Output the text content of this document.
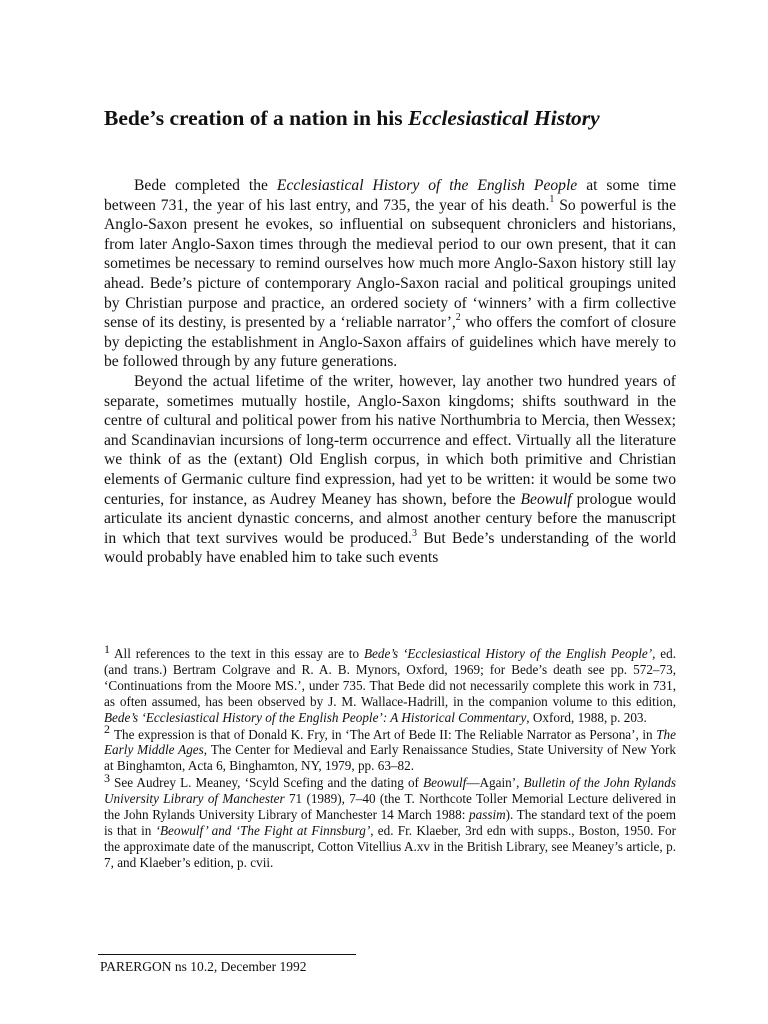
Bede’s creation of a nation in his Ecclesiastical History

Bede completed the Ecclesiastical History of the English People at some time between 731, the year of his last entry, and 735, the year of his death.$^1$ So powerful is the Anglo-Saxon present he evokes, so influential on subsequent chroniclers and historians, from later Anglo-Saxon times through the medieval period to our own present, that it can sometimes be necessary to remind ourselves how much more Anglo-Saxon history still lay ahead. Bede’s picture of contemporary Anglo-Saxon racial and political groupings united by Christian purpose and practice, an ordered society of ‘winners’ with a firm collective sense of its destiny, is presented by a ‘reliable narrator’,$^2$ who offers the comfort of closure by depicting the establishment in Anglo-Saxon affairs of guidelines which have merely to be followed through by any future generations.

Beyond the actual lifetime of the writer, however, lay another two hundred years of separate, sometimes mutually hostile, Anglo-Saxon kingdoms; shifts southward in the centre of cultural and political power from his native Northumbria to Mercia, then Wessex; and Scandinavian incursions of long-term occurrence and effect. Virtually all the literature we think of as the (extant) Old English corpus, in which both primitive and Christian elements of Germanic culture find expression, had yet to be written: it would be some two centuries, for instance, as Audrey Meaney has shown, before the Beowulf prologue would articulate its ancient dynastic concerns, and almost another century before the manuscript in which that text survives would be produced.$^3$ But Bede’s understanding of the world would probably have enabled him to take such events

1 All references to the text in this essay are to Bede’s ‘Ecclesiastical History of the English People’, ed. (and trans.) Bertram Colgrave and R. A. B. Mynors, Oxford, 1969; for Bede’s death see pp. 572–73, ‘Continuations from the Moore MS.’, under 735. That Bede did not necessarily complete this work in 731, as often assumed, has been observed by J. M. Wallace-Hadrill, in the companion volume to this edition, Bede’s ‘Ecclesiastical History of the English People’: A Historical Commentary, Oxford, 1988, p. 203.

2 The expression is that of Donald K. Fry, in ‘The Art of Bede II: The Reliable Narrator as Persona’, in The Early Middle Ages, The Center for Medieval and Early Renaissance Studies, State University of New York at Binghamton, Acta 6, Binghamton, NY, 1979, pp. 63–82.

3 See Audrey L. Meaney, ‘Scyld Scefing and the dating of Beowulf—Again’, Bulletin of the John Rylands University Library of Manchester 71 (1989), 7–40 (the T. Northcote Toller Memorial Lecture delivered in the John Rylands University Library of Manchester 14 March 1988: passim). The standard text of the poem is that in ‘Beowulf’ and ‘The Fight at Finnsburg’, ed. Fr. Klaeber, 3rd edn with supps., Boston, 1950. For the approximate date of the manuscript, Cotton Vitellius A.xv in the British Library, see Meaney’s article, p. 7, and Klaeber’s edition, p. cvii.

PARERGON ns 10.2, December 1992
